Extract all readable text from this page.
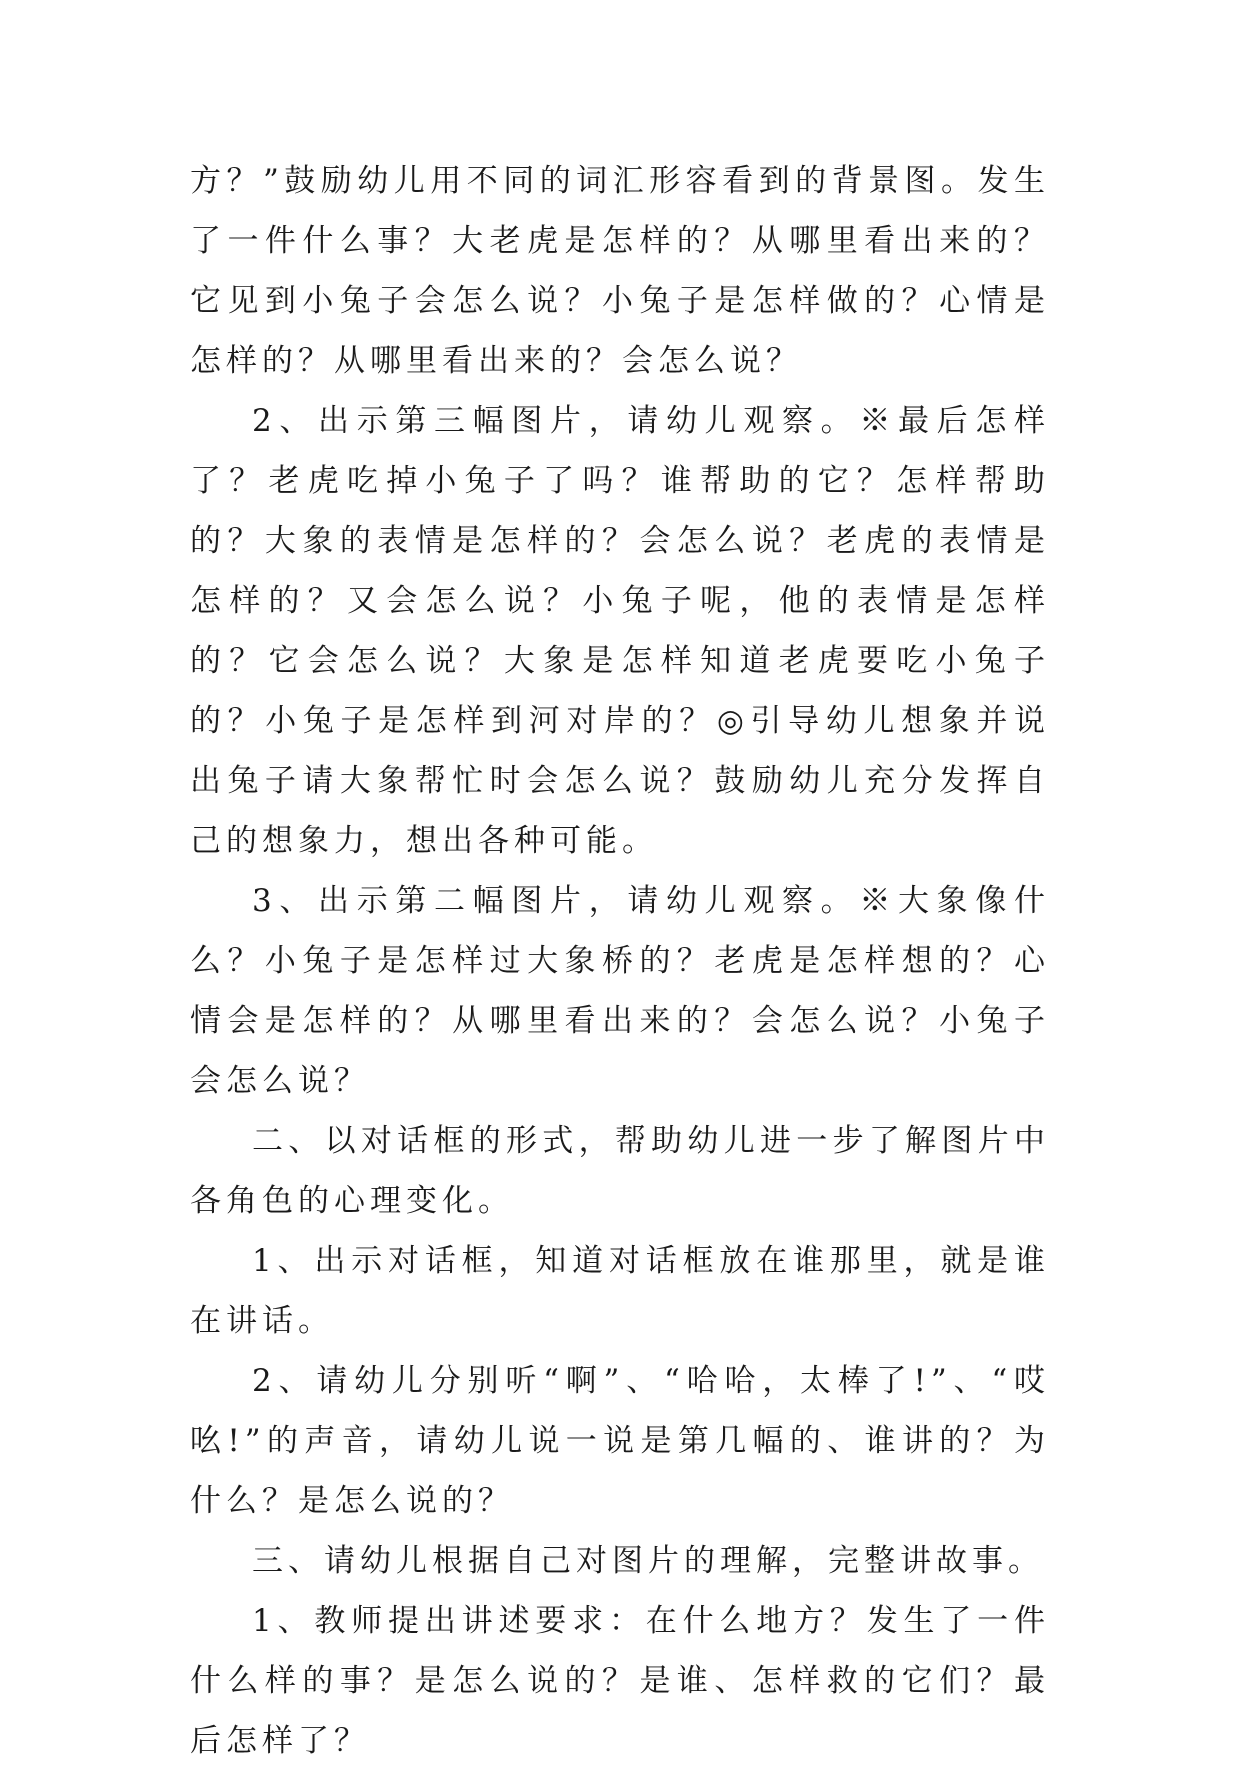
方？”鼓励幼儿用不同的词汇形容看到的背景图。发生了一件什么事？大老虎是怎样的？从哪里看出来的？它见到小兔子会怎么说？小兔子是怎样做的？心情是怎样的？从哪里看出来的？会怎么说？

2、出示第三幅图片，请幼儿观察。※最后怎样了？老虎吃掉小兔子了吗？谁帮助的它？怎样帮助的？大象的表情是怎样的？会怎么说？老虎的表情是怎样的？又会怎么说？小兔子呢，他的表情是怎样的？它会怎么说？大象是怎样知道老虎要吃小兔子的？小兔子是怎样到河对岸的？◎引导幼儿想象并说出兔子请大象帮忙时会怎么说？鼓励幼儿充分发挥自己的想象力，想出各种可能。

3、出示第二幅图片，请幼儿观察。※大象像什么？小兔子是怎样过大象桥的？老虎是怎样想的？心情会是怎样的？从哪里看出来的？会怎么说？小兔子会怎么说？

二、以对话框的形式，帮助幼儿进一步了解图片中各角色的心理变化。

1、出示对话框，知道对话框放在谁那里，就是谁在讲话。

2、请幼儿分别听“啊”、“哈哈，太棒了!”、“哎吆!”的声音，请幼儿说一说是第几幅的、谁讲的？为什么？是怎么说的？

三、请幼儿根据自己对图片的理解，完整讲故事。

1、教师提出讲述要求：在什么地方？发生了一件什么样的事？是怎么说的？是谁、怎样救的它们？最后怎样了？
